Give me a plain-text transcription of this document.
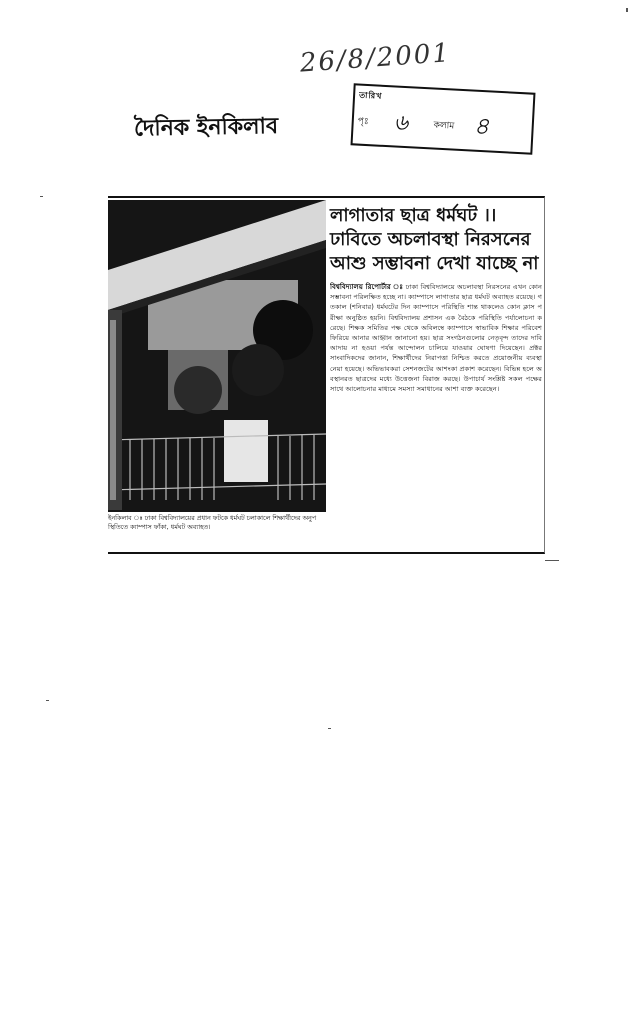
26/8/2001
দৈনিক ইনকিলাব
তারিখ
পৃঃ ৬	কলাম ৪
ইনকিলাব ঃ ঢাকা বিশ্ববিদ্যালয়ের প্রধান ফটকে ধর্মঘট চলাকালে শিক্ষার্থীদের অনুপস্থিতিতে ক্যাম্পাস ফাঁকা, ধর্মঘট অব্যাহত।
লাগাতার ছাত্র ধর্মঘট ।। ঢাবিতে অচলাবস্থা নিরসনের আশু সম্ভাবনা দেখা যাচ্ছে না
বিশ্ববিদ্যালয় রিপোর্টার ঃ ঢাকা বিশ্ববিদ্যালয়ে অচলাবস্থা নিরসনের এখন কোন সম্ভাবনা পরিলক্ষিত হচ্ছে না। ক্যাম্পাসে লাগাতার ছাত্র ধর্মঘট অব্যাহত রয়েছে। গতকাল (শনিবার) ধর্মঘটের দিন ক্যাম্পাসে পরিস্থিতি শান্ত থাকলেও কোন ক্লাস পরীক্ষা অনুষ্ঠিত হয়নি। বিশ্ববিদ্যালয় প্রশাসন এক বৈঠকে পরিস্থিতি পর্যালোচনা করেছে। শিক্ষক সমিতির পক্ষ থেকে অবিলম্বে ক্যাম্পাসে স্বাভাবিক শিক্ষার পরিবেশ ফিরিয়ে আনার আহ্বান জানানো হয়। ছাত্র সংগঠনগুলোর নেতৃবৃন্দ তাদের দাবি আদায় না হওয়া পর্যন্ত আন্দোলন চালিয়ে যাওয়ার ঘোষণা দিয়েছেন। প্রক্টর সাংবাদিকদের জানান, শিক্ষার্থীদের নিরাপত্তা নিশ্চিত করতে প্রয়োজনীয় ব্যবস্থা নেয়া হয়েছে। অভিভাবকরা সেশনজটের আশংকা প্রকাশ করেছেন। বিভিন্ন হলে অবস্থানরত ছাত্রদের মধ্যে উত্তেজনা বিরাজ করছে। উপাচার্য সংশ্লিষ্ট সকল পক্ষের সাথে আলোচনার মাধ্যমে সমস্যা সমাধানের আশা ব্যক্ত করেছেন।
